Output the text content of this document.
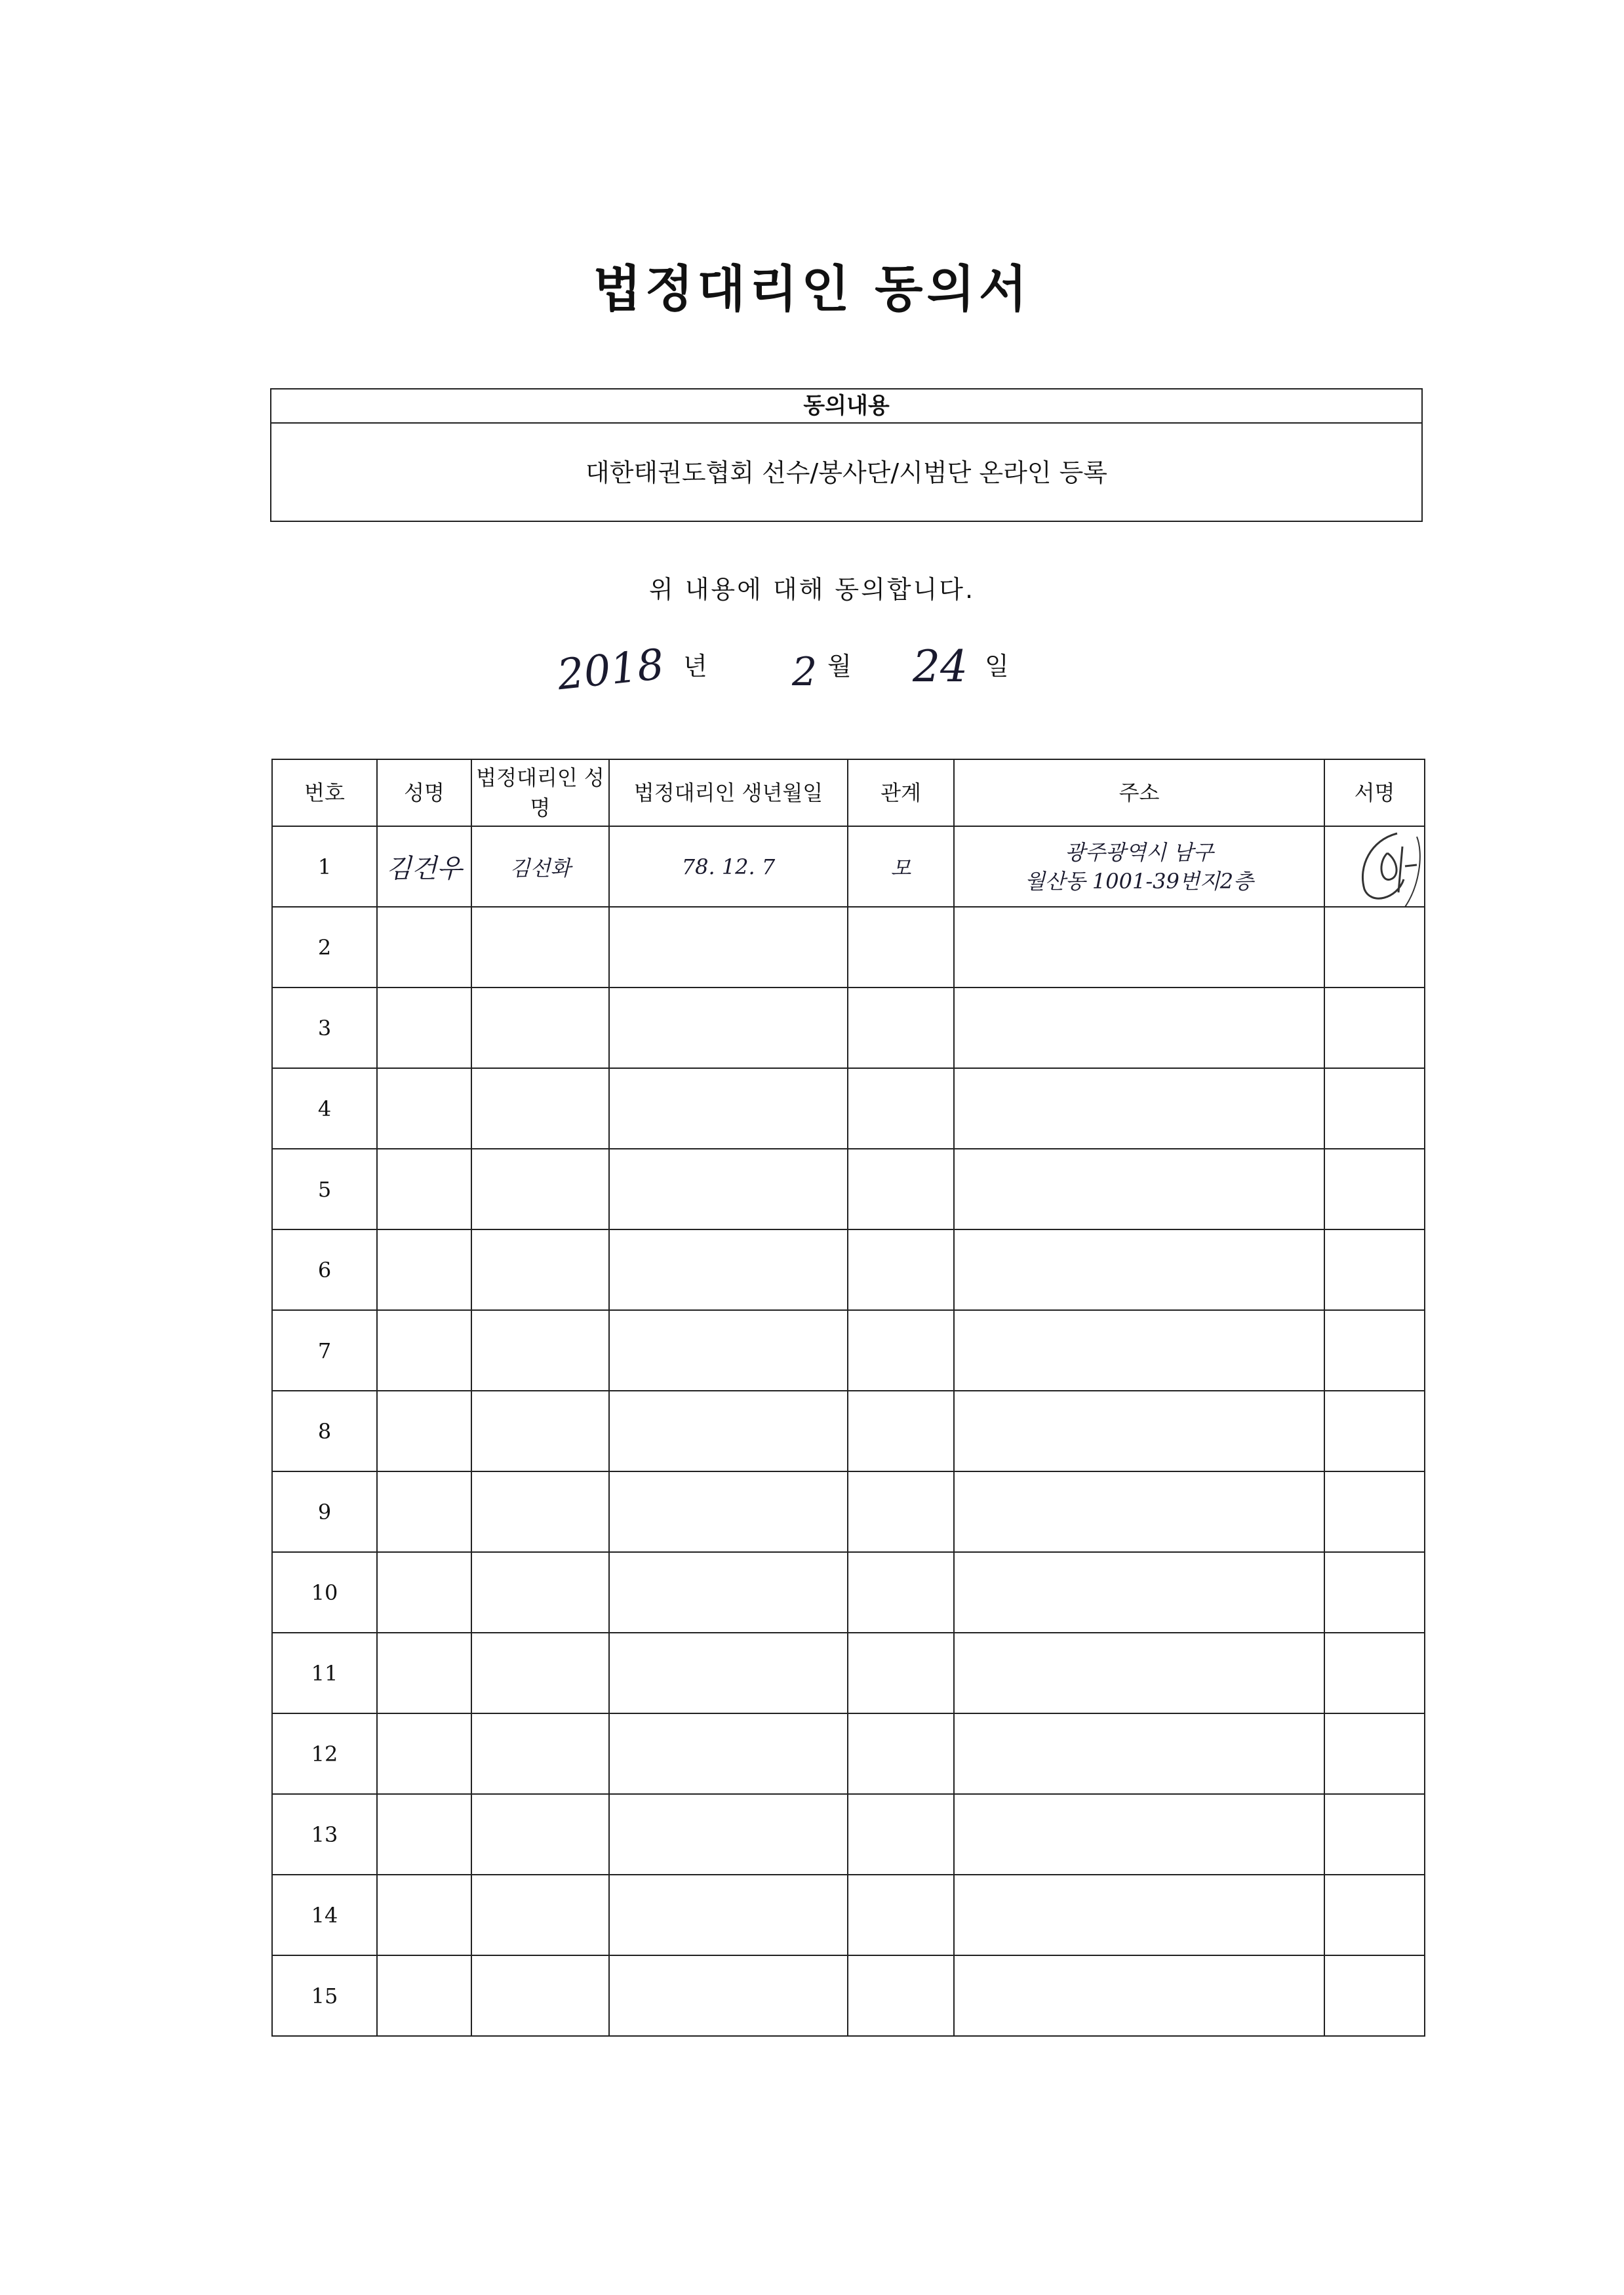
법정대리인 동의서
동의내용
대한태권도협회 선수/봉사단/시범단 온라인 등록
위 내용에 대해 동의합니다.
2018 년 2 월 24 일
번호	성명	법정대리인 성명	법정대리인 생년월일	관계	주소	서명
1	김건우	김선화	78. 12. 7	모	광주광역시 남구
월산동 1001-39번지2층

2						
3						
4						
5						
6						
7						
8						
9						
10						
11						
12						
13						
14						
15						
